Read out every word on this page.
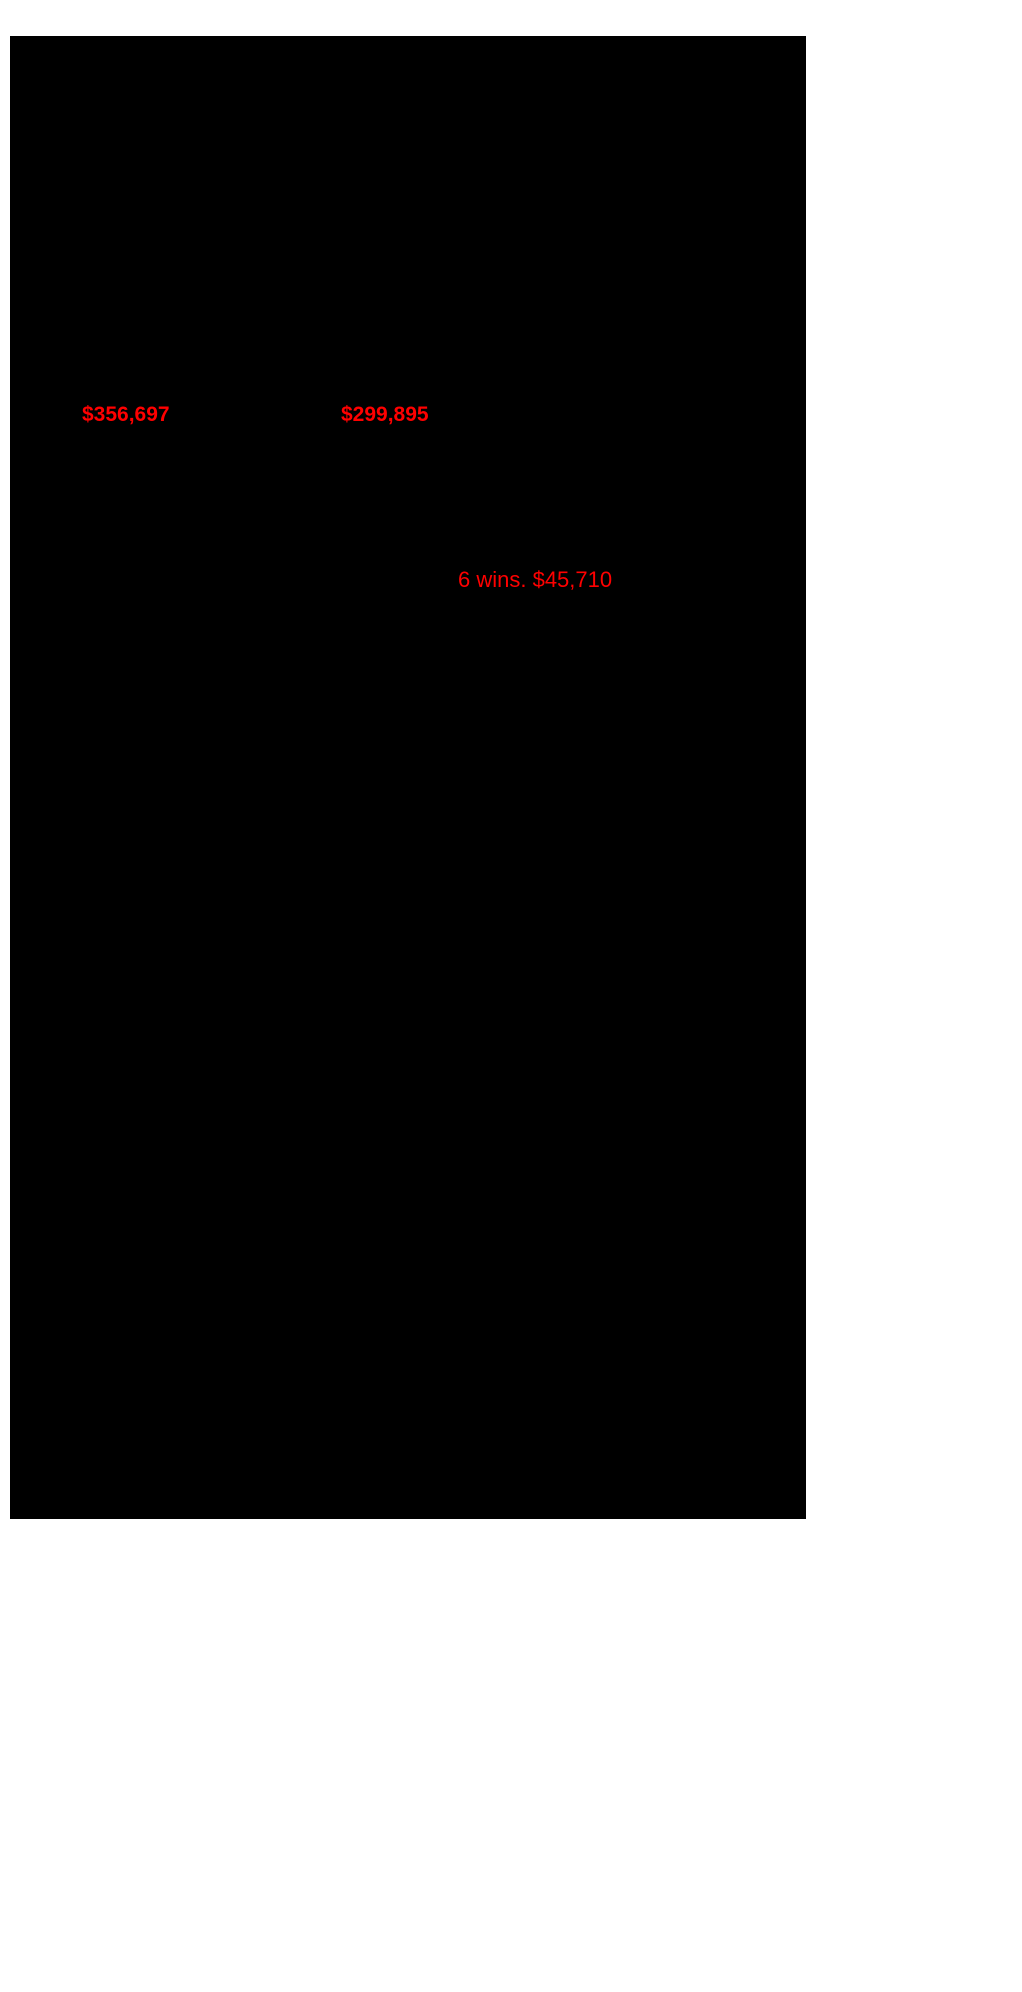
$356,697	$299,895
6 wins. $45,710
